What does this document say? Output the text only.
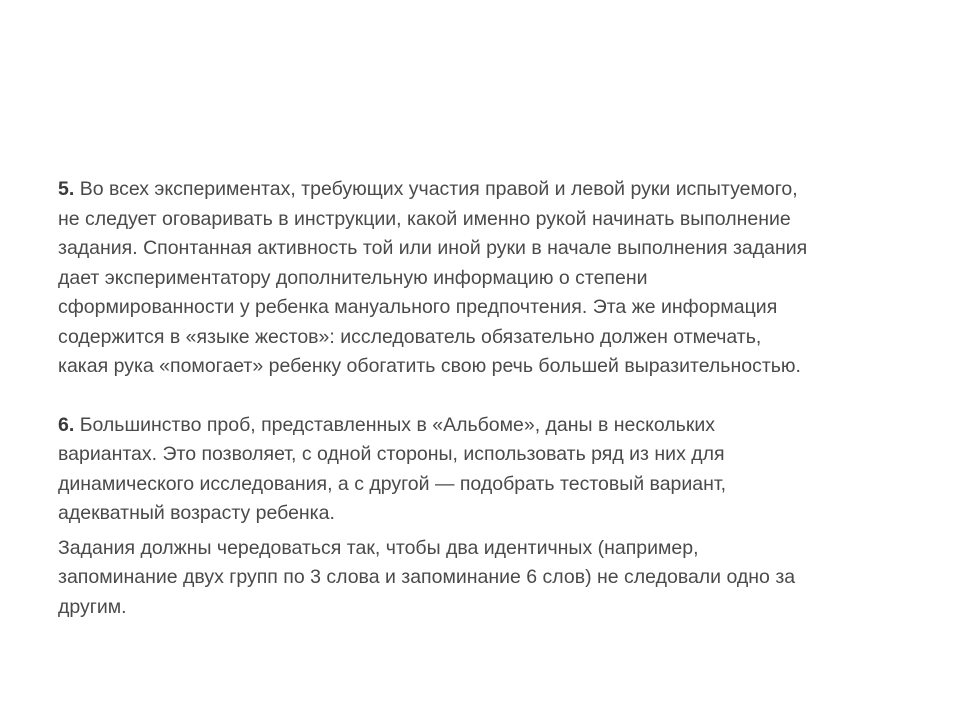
5. Во всех экспериментах, требующих участия правой и левой руки испытуемого,
не следует оговаривать в инструкции, какой именно рукой начинать выполнение
задания. Спонтанная активность той или иной руки в начале выполнения задания
дает экспериментатору дополнительную информацию о степени
сформированности у ребенка мануального предпочтения. Эта же информация
содержится в «языке жестов»: исследователь обязательно должен отмечать,
какая рука «помогает» ребенку обогатить свою речь большей выразительностью.

6. Большинство проб, представленных в «Альбоме», даны в нескольких
вариантах. Это позволяет, с одной стороны, использовать ряд из них для
динамического исследования, а с другой — подобрать тестовый вариант,
адекватный возрасту ребенка.

Задания должны чередоваться так, чтобы два идентичных (например,
запоминание двух групп по 3 слова и запоминание 6 слов) не следовали одно за
другим.
